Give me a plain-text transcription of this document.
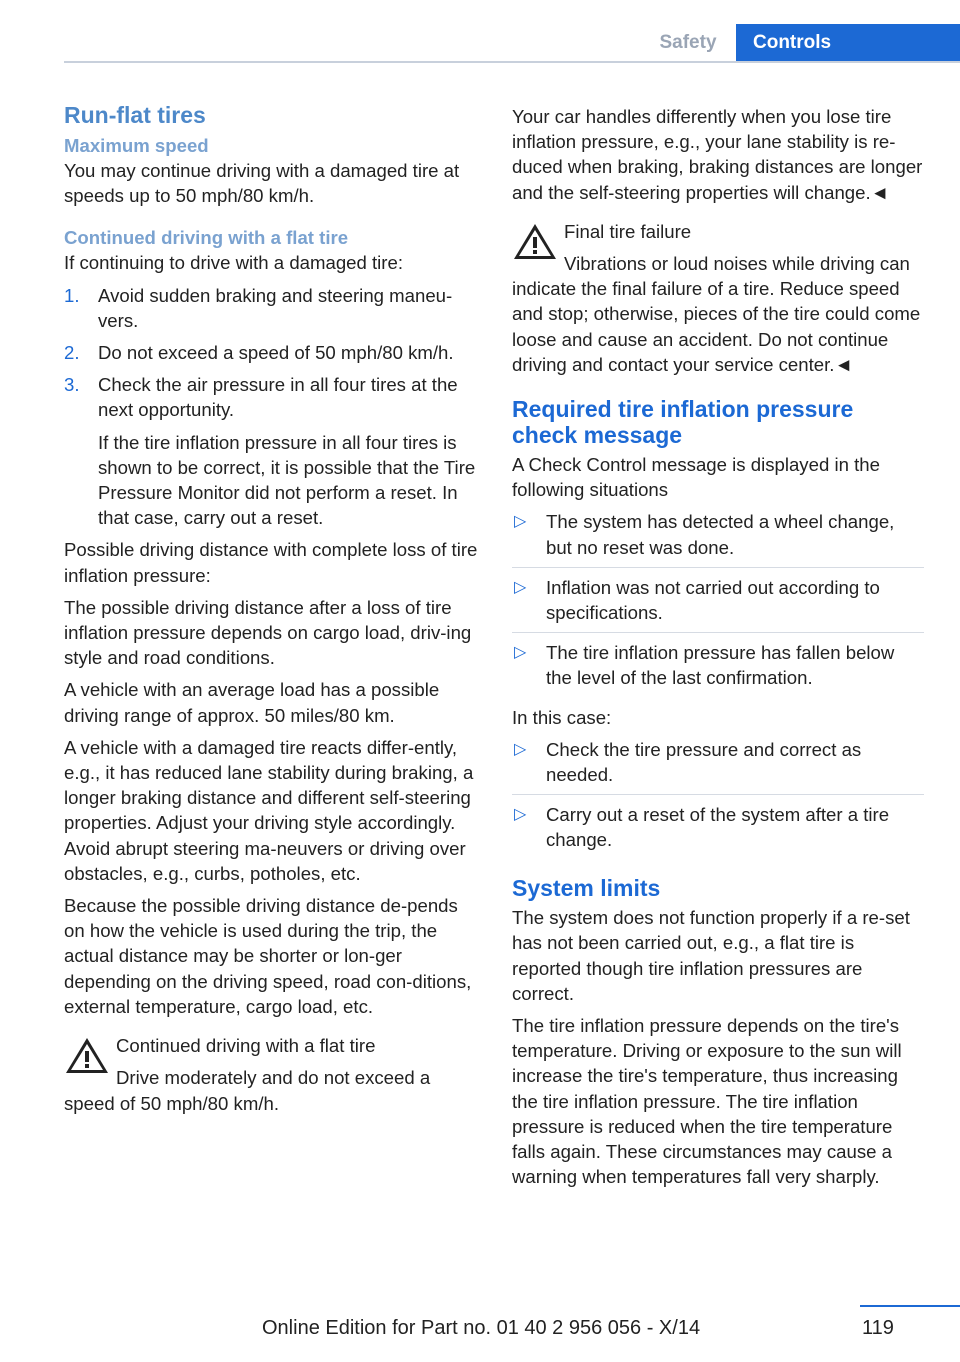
Safety	Controls
Run-flat tires
Maximum speed

You may continue driving with a damaged tire at speeds up to 50 mph/80 km/h.

Continued driving with a flat tire

If continuing to drive with a damaged tire:

1. Avoid sudden braking and steering maneu‐vers.
2. Do not exceed a speed of 50 mph/80 km/h.
3. Check the air pressure in all four tires at the next opportunity.
If the tire inflation pressure in all four tires is shown to be correct, it is possible that the Tire Pressure Monitor did not perform a reset. In that case, carry out a reset.

Possible driving distance with complete loss of tire inflation pressure:

The possible driving distance after a loss of tire inflation pressure depends on cargo load, driv‐ing style and road conditions.

A vehicle with an average load has a possible driving range of approx. 50 miles/80 km.

A vehicle with a damaged tire reacts differ‐ently, e.g., it has reduced lane stability during braking, a longer braking distance and different self-steering properties. Adjust your driving style accordingly. Avoid abrupt steering ma‐neuvers or driving over obstacles, e.g., curbs, potholes, etc.

Because the possible driving distance de‐pends on how the vehicle is used during the trip, the actual distance may be shorter or lon‐ger depending on the driving speed, road con‐ditions, external temperature, cargo load, etc.

Continued driving with a flat tire
Drive moderately and do not exceed a speed of 50 mph/80 km/h.

Your car handles differently when you lose tire inflation pressure, e.g., your lane stability is re‐duced when braking, braking distances are longer and the self-steering properties will change.◄

Final tire failure
Vibrations or loud noises while driving can indicate the final failure of a tire. Reduce speed and stop; otherwise, pieces of the tire could come loose and cause an accident. Do not continue driving and contact your service center.◄
Required tire inflation pressure check message

A Check Control message is displayed in the following situations

▷ The system has detected a wheel change, but no reset was done.
▷ Inflation was not carried out according to specifications.
▷ The tire inflation pressure has fallen below the level of the last confirmation.

In this case:

▷ Check the tire pressure and correct as needed.
▷ Carry out a reset of the system after a tire change.
System limits

The system does not function properly if a re‐set has not been carried out, e.g., a flat tire is reported though tire inflation pressures are correct.

The tire inflation pressure depends on the tire's temperature. Driving or exposure to the sun will increase the tire's temperature, thus increasing the tire inflation pressure. The tire inflation pressure is reduced when the tire temperature falls again. These circumstances may cause a warning when temperatures fall very sharply.

119
Online Edition for Part no. 01 40 2 956 056 - X/14
